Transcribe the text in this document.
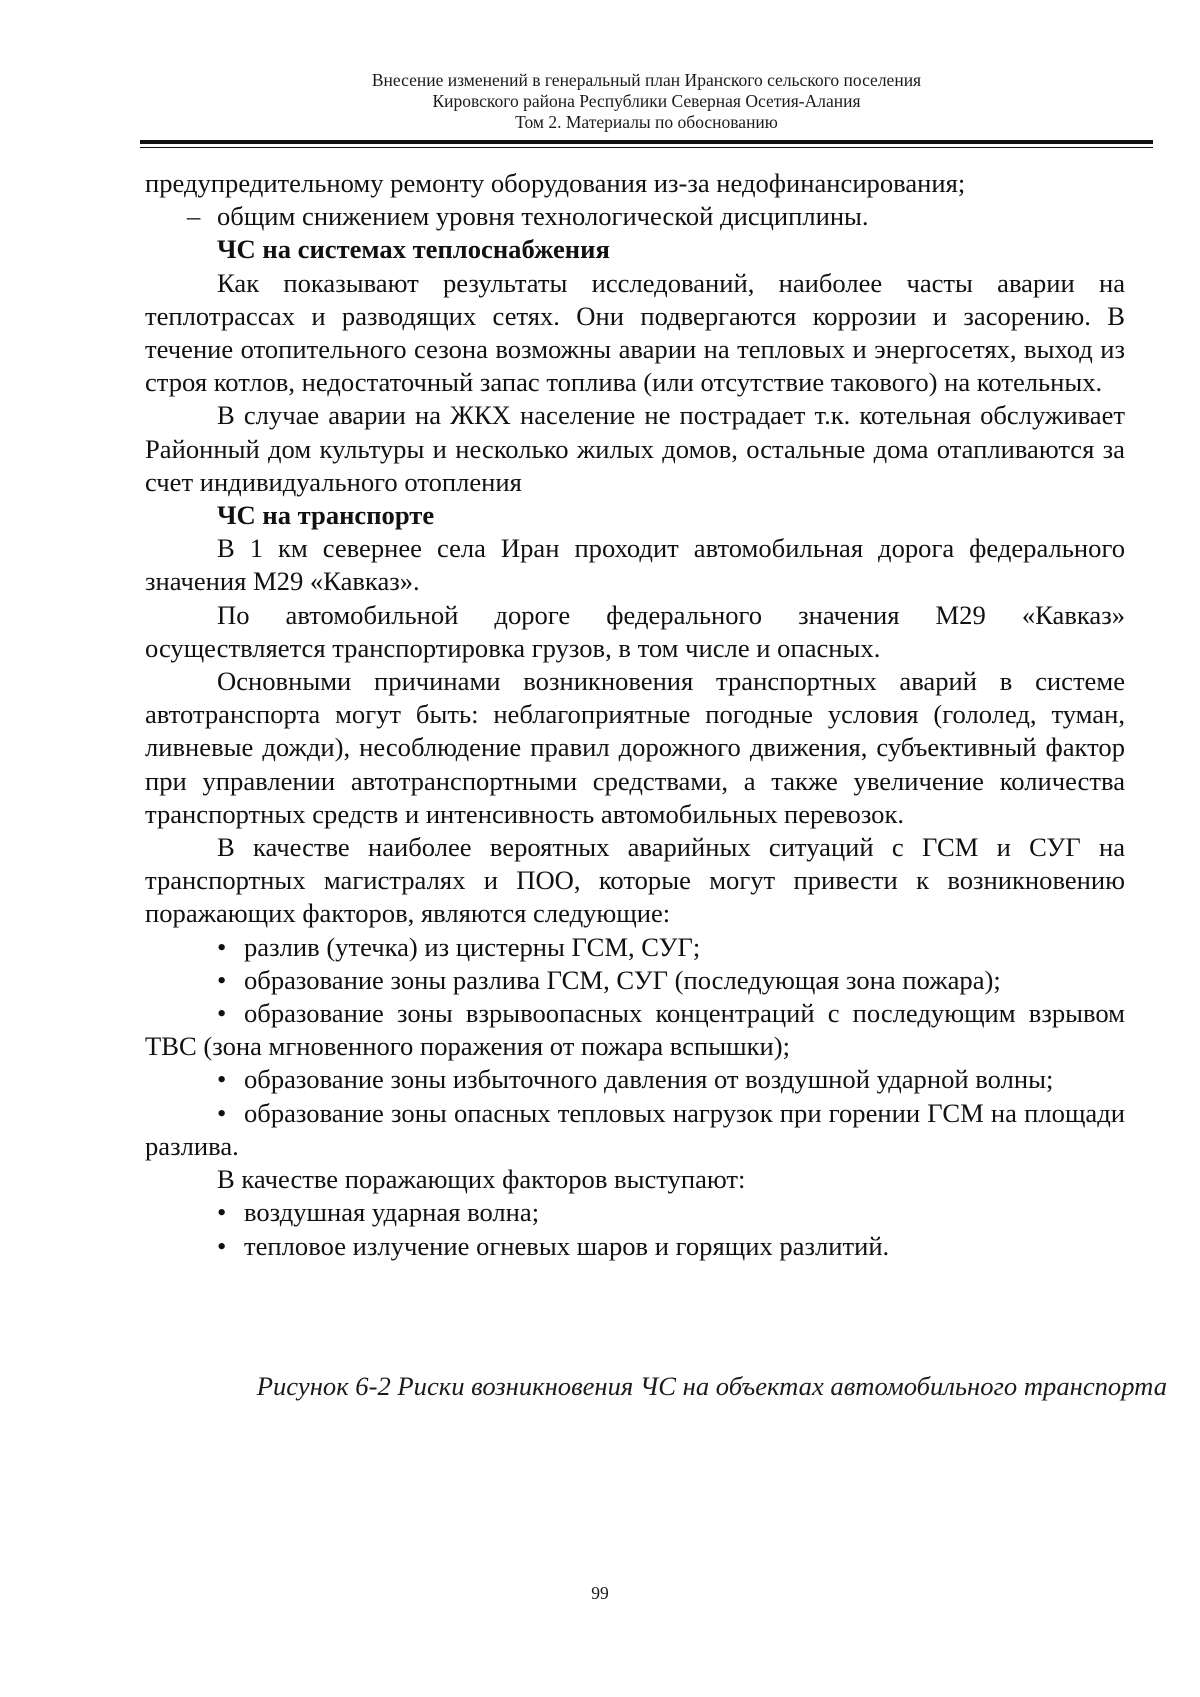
Внесение изменений в генеральный план Иранского сельского поселения
Кировского района Республики Северная Осетия-Алания
Том 2. Материалы по обоснованию

предупредительному ремонту оборудования из-за недофинансирования;

– общим снижением уровня технологической дисциплины.

ЧС на системах теплоснабжения

Как показывают результаты исследований, наиболее часты аварии на теплотрассах и разводящих сетях. Они подвергаются коррозии и засорению. В течение отопительного сезона возможны аварии на тепловых и энергосетях, выход из строя котлов, недостаточный запас топлива (или отсутствие такового) на котельных.

В случае аварии на ЖКХ население не пострадает т.к. котельная обслуживает Районный дом культуры и несколько жилых домов, остальные дома отапливаются за счет индивидуального отопления

ЧС на транспорте

В 1 км севернее села Иран проходит автомобильная дорога федерального значения М29 «Кавказ».

По автомобильной дороге федерального значения М29 «Кавказ» осуществляется транспортировка грузов, в том числе и опасных.

Основными причинами возникновения транспортных аварий в системе автотранспорта могут быть: неблагоприятные погодные условия (гололед, туман, ливневые дожди), несоблюдение правил дорожного движения, субъективный фактор при управлении автотранспортными средствами, а также увеличение количества транспортных средств и интенсивность автомобильных перевозок.

В качестве наиболее вероятных аварийных ситуаций с ГСМ и СУГ на транспортных магистралях и ПОО, которые могут привести к возникновению поражающих факторов, являются следующие:

• разлив (утечка) из цистерны ГСМ, СУГ;

• образование зоны разлива ГСМ, СУГ (последующая зона пожара);

• образование зоны взрывоопасных концентраций с последующим взрывом ТВС (зона мгновенного поражения от пожара вспышки);

• образование зоны избыточного давления от воздушной ударной волны;

• образование зоны опасных тепловых нагрузок при горении ГСМ на площади разлива.

В качестве поражающих факторов выступают:

• воздушная ударная волна;

• тепловое излучение огневых шаров и горящих разлитий.

Рисунок 6-2 Риски возникновения ЧС на объектах автомобильного транспорта
99
